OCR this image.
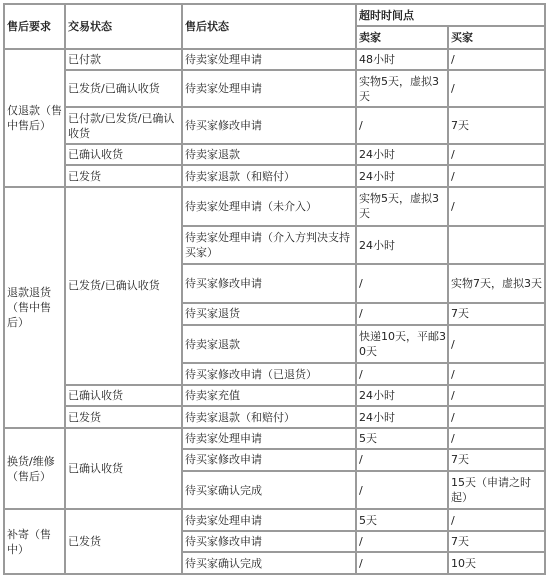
售后要求	交易状态	售后状态	超时时间点	
			卖家	买家
仅退款（售中售后）	已付款	待卖家处理申请	48小时	/
	已发货/已确认收货	待卖家处理申请	实物5天，虚拟3天	/
	已付款/已发货/已确认收货	待买家修改申请	/	7天
	已确认收货	待卖家退款	24小时	/
	已发货	待卖家退款（和赔付）	24小时	/
退款退货（售中售后）	已发货/已确认收货	待卖家处理申请（未介入）	实物5天，虚拟3天	/
		待卖家处理申请（介入方判决支持买家）	24小时	
		待买家修改申请	/	实物7天，虚拟3天
		待买家退货	/	7天
		待卖家退款	快递10天，平邮30天	/
		待买家修改申请（已退货）	/	/
	已确认收货	待卖家充值	24小时	/
	已发货	待卖家退款（和赔付）	24小时	/
换货/维修（售后）	已确认收货	待卖家处理申请	5天	/
		待买家修改申请	/	7天
		待买家确认完成	/	15天（申请之时起）
补寄（售中）	已发货	待卖家处理申请	5天	/
		待买家修改申请	/	7天
		待买家确认完成	/	10天
